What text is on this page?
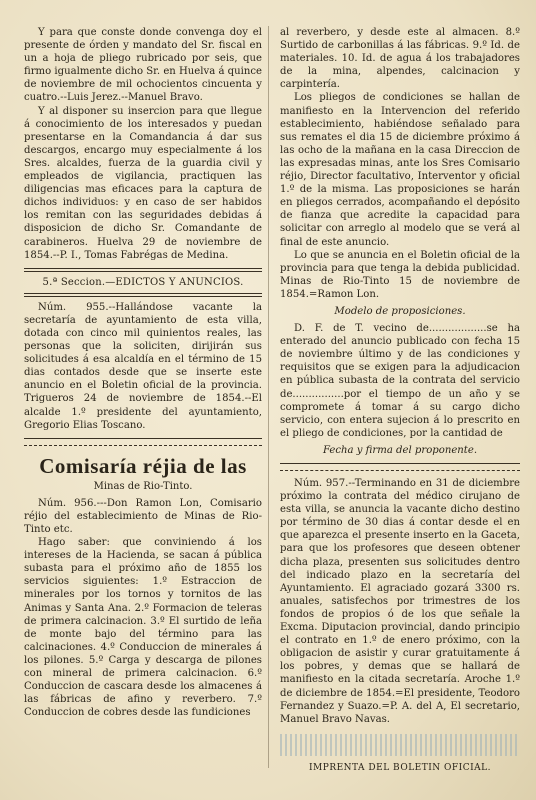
Y para que conste donde convenga doy el presente de órden y mandato del Sr. fiscal en un a hoja de pliego rubricado por seis, que firmo igualmente dicho Sr. en Huelva á quince de noviembre de mil ochocientos cincuenta y cuatro.--Luis Jerez.--Manuel Bravo.

Y al disponer su insercion para que llegue á conocimiento de los interesados y puedan presentarse en la Comandancia á dar sus descargos, encargo muy especialmente á los Sres. alcaldes, fuerza de la guardia civil y empleados de vigilancia, practiquen las diligencias mas eficaces para la captura de dichos individuos: y en caso de ser habidos los remitan con las seguridades debidas á disposicion de dicho Sr. Comandante de carabineros. Huelva 29 de noviembre de 1854.--P. I., Tomas Fabrégas de Medina.

5.ª Seccion.—EDICTOS Y ANUNCIOS.

Núm. 955.--Hallándose vacante la secretaría de ayuntamiento de esta villa, dotada con cinco mil quinientos reales, las personas que la soliciten, dirijirán sus solicitudes á esa alcaldía en el término de 15 dias contados desde que se inserte este anuncio en el Boletin oficial de la provincia. Trigueros 24 de noviembre de 1854.--El alcalde 1.º presidente del ayuntamiento, Gregorio Elias Toscano.

Comisaría réjia de las
Minas de Rio-Tinto.

Núm. 956.---Don Ramon Lon, Comisario réjio del establecimiento de Minas de Rio-Tinto etc.

Hago saber: que conviniendo á los intereses de la Hacienda, se sacan á pública subasta para el próximo año de 1855 los servicios siguientes: 1.º Estraccion de minerales por los tornos y tornitos de las Animas y Santa Ana. 2.º Formacion de teleras de primera calcinacion. 3.º El surtido de leña de monte bajo del término para las calcinaciones. 4.º Conduccion de minerales á los pilones. 5.º Carga y descarga de pilones con mineral de primera calcinacion. 6.º Conduccion de cascara desde los almacenes á las fábricas de afino y reverbero. 7.º Conduccion de cobres desde las fundiciones

al reverbero, y desde este al almacen. 8.º Surtido de carbonillas á las fábricas. 9.º Id. de materiales. 10. Id. de agua á los trabajadores de la mina, alpendes, calcinacion y carpintería.

Los pliegos de condiciones se hallan de manifiesto en la Intervencion del referido establecimiento, habiéndose señalado para sus remates el dia 15 de diciembre próximo á las ocho de la mañana en la casa Direccion de las expresadas minas, ante los Sres Comisario réjio, Director facultativo, Interventor y oficial 1.º de la misma. Las proposiciones se harán en pliegos cerrados, acompañando el depósito de fianza que acredite la capacidad para solicitar con arreglo al modelo que se verá al final de este anuncio.

Lo que se anuncia en el Boletin oficial de la provincia para que tenga la debida publicidad. Minas de Rio-Tinto 15 de noviembre de 1854.=Ramon Lon.

Modelo de proposiciones.

D. F. de T. vecino de..................se ha enterado del anuncio publicado con fecha 15 de noviembre último y de las condiciones y requisitos que se exigen para la adjudicacion en pública subasta de la contrata del servicio de................por el tiempo de un año y se compromete á tomar á su cargo dicho servicio, con entera sujecion á lo prescrito en el pliego de condiciones, por la cantidad de

Fecha y firma del proponente.

Núm. 957.--Terminando en 31 de diciembre próximo la contrata del médico cirujano de esta villa, se anuncia la vacante dicho destino por término de 30 dias á contar desde el en que aparezca el presente inserto en la Gaceta, para que los profesores que deseen obtener dicha plaza, presenten sus solicitudes dentro del indicado plazo en la secretaría del Ayuntamiento. El agraciado gozará 3300 rs. anuales, satisfechos por trimestres de los fondos de propios ó de los que señale la Excma. Diputacion provincial, dando principio el contrato en 1.º de enero próximo, con la obligacion de asistir y curar gratuitamente á los pobres, y demas que se hallará de manifiesto en la citada secretaría. Aroche 1.º de diciembre de 1854.=El presidente, Teodoro Fernandez y Suazo.=P. A. del A, El secretario, Manuel Bravo Navas.

IMPRENTA DEL BOLETIN OFICIAL.
